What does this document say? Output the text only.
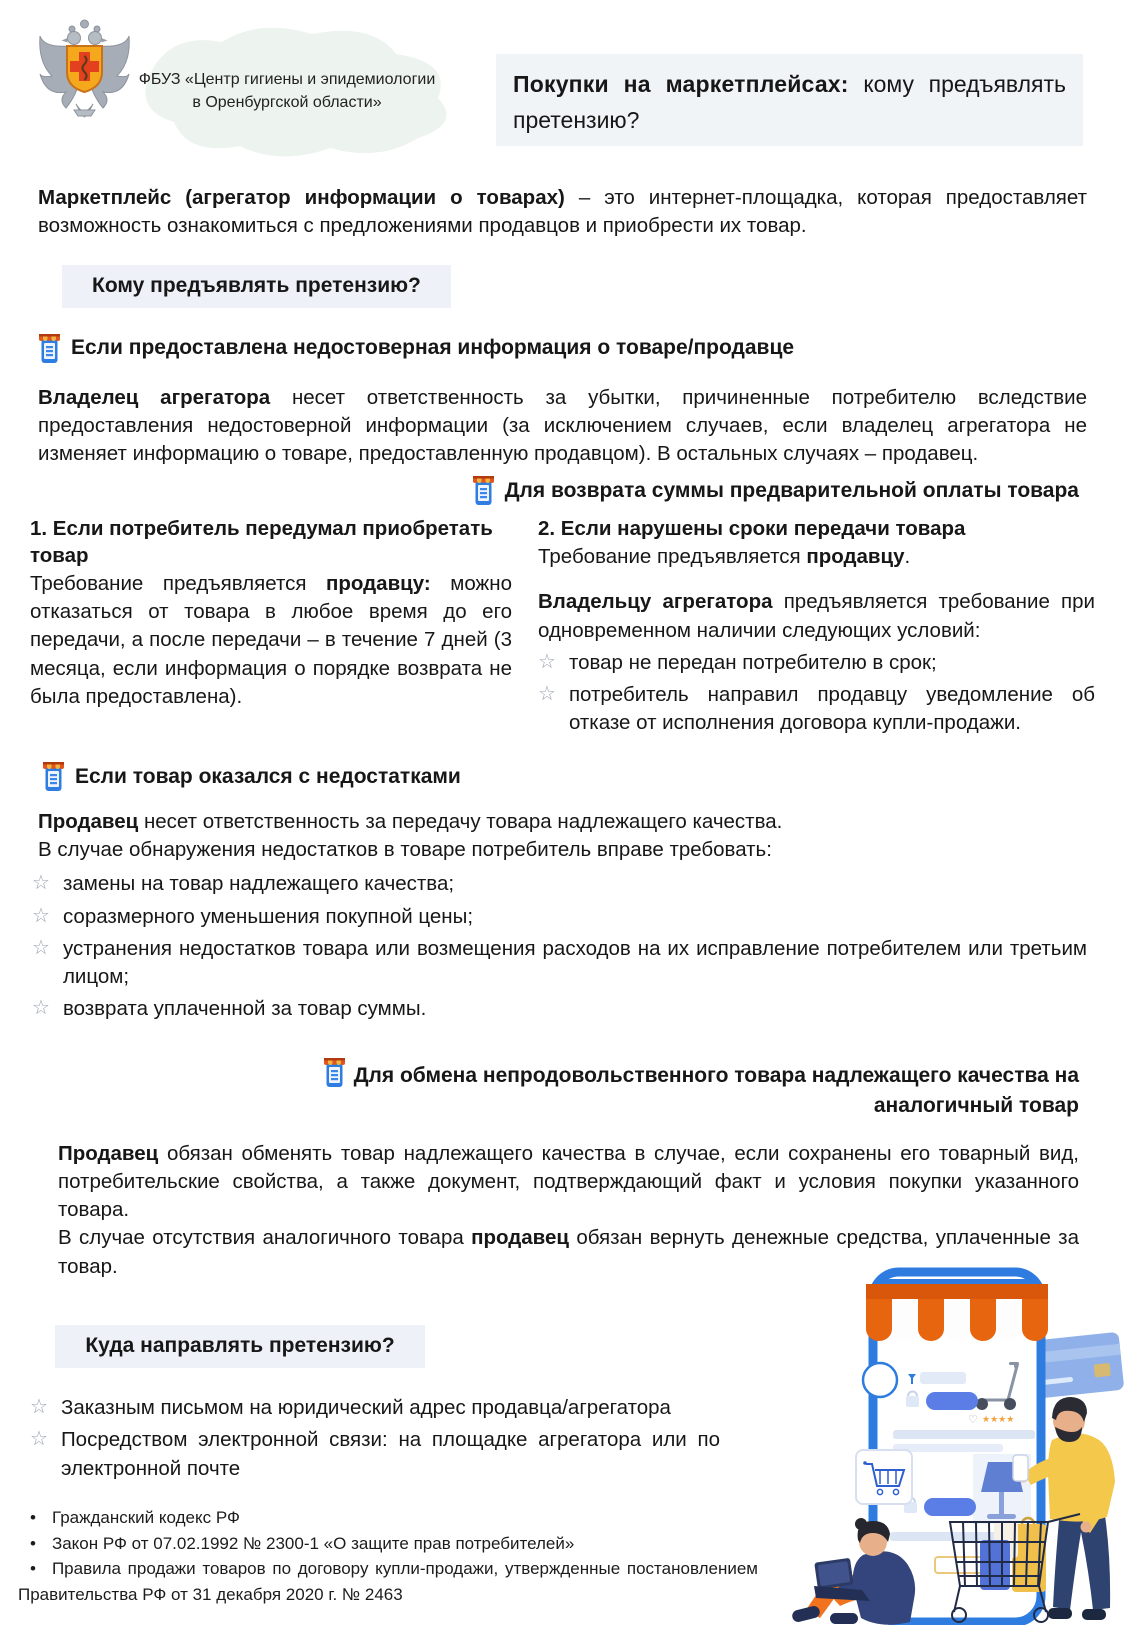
ФБУЗ «Центр гигиены и эпидемиологии
в Оренбургской области»
Покупки на маркетплейсах: кому предъявлять претензию?

Маркетплейс (агрегатор информации о товарах) – это интернет-площадка, которая предоставляет возможность ознакомиться с предложениями продавцов и приобрести их товар.

Кому предъявлять претензию?
Если предоставлена недостоверная информация о товаре/продавце

Владелец агрегатора несет ответственность за убытки, причиненные потребителю вследствие предоставления недостоверной информации (за исключением случаев, если владелец агрегатора не изменяет информацию о товаре, предоставленную продавцом). В остальных случаях – продавец.

Для возврата суммы предварительной оплаты товара
1. Если потребитель передумал приобретать товар

Требование предъявляется продавцу: можно отказаться от товара в любое время до его передачи, а после передачи – в течение 7 дней (3 месяца, если информация о порядке возврата не была предоставлена).

2. Если нарушены сроки передачи товара

Требование предъявляется продавцу.

Владельцу агрегатора предъявляется требование при одновременном наличии следующих условий:

☆ товар не передан потребителю в срок;
☆ потребитель направил продавцу уведомление об отказе от исполнения договора купли-продажи.
Если товар оказался с недостатками

Продавец несет ответственность за передачу товара надлежащего качества.

В случае обнаружения недостатков в товаре потребитель вправе требовать:

☆ замены на товар надлежащего качества;
☆ соразмерного уменьшения покупной цены;
☆ устранения недостатков товара или возмещения расходов на их исправление потребителем или третьим лицом;
☆ возврата уплаченной за товар суммы.
Для обмена непродовольственного товара надлежащего качества на аналогичный товар

Продавец обязан обменять товар надлежащего качества в случае, если сохранены его товарный вид, потребительские свойства, а также документ, подтверждающий факт и условия покупки указанного товара.

В случае отсутствия аналогичного товара продавец обязан вернуть денежные средства, уплаченные за товар.

Куда направлять претензию?
☆ Заказным письмом на юридический адрес продавца/агрегатора
☆ Посредством электронной связи: на площадке агрегатора или по электронной почте
• Гражданский кодекс РФ
• Закон РФ от 07.02.1992 № 2300-1 «О защите прав потребителей»
• Правила продажи товаров по договору купли-продажи, утвержденные постановлением Правительства РФ от 31 декабря 2020 г. № 2463
♡ ★★★★
